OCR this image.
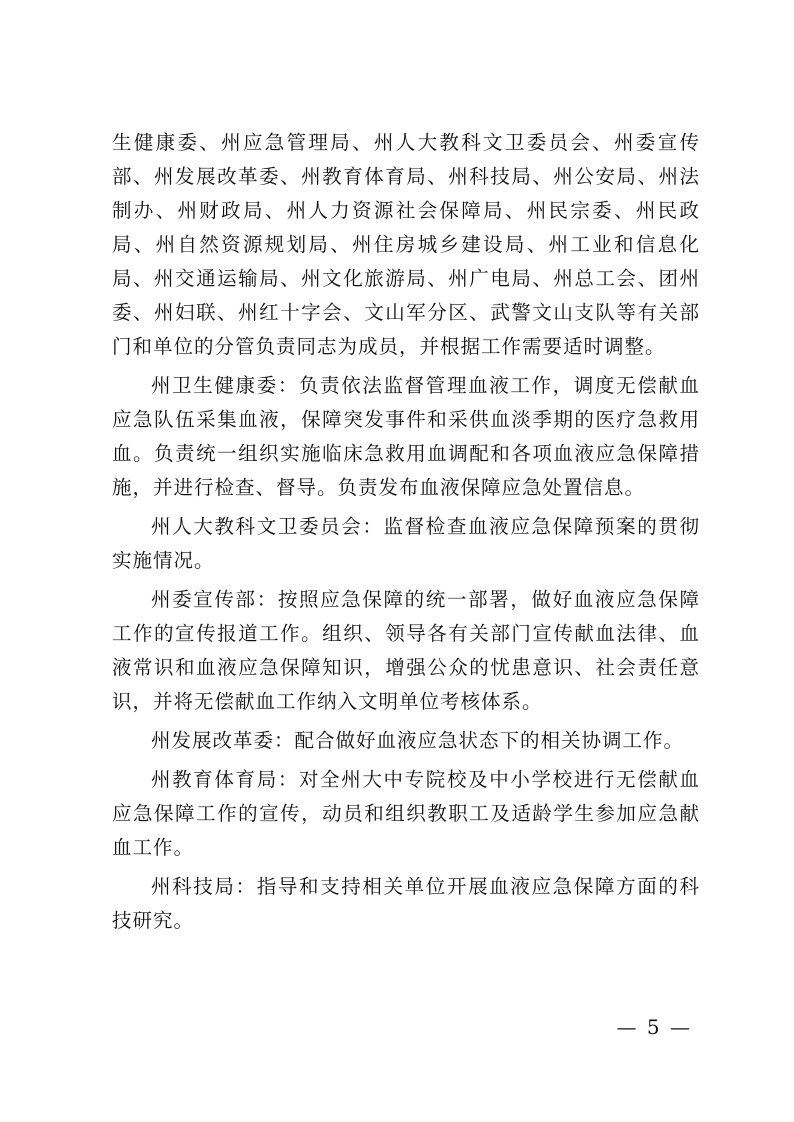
生健康委、州应急管理局、州人大教科文卫委员会、州委宣传部、州发展改革委、州教育体育局、州科技局、州公安局、州法制办、州财政局、州人力资源社会保障局、州民宗委、州民政局、州自然资源规划局、州住房城乡建设局、州工业和信息化局、州交通运输局、州文化旅游局、州广电局、州总工会、团州委、州妇联、州红十字会、文山军分区、武警文山支队等有关部门和单位的分管负责同志为成员，并根据工作需要适时调整。

州卫生健康委：负责依法监督管理血液工作，调度无偿献血应急队伍采集血液，保障突发事件和采供血淡季期的医疗急救用血。负责统一组织实施临床急救用血调配和各项血液应急保障措施，并进行检查、督导。负责发布血液保障应急处置信息。

州人大教科文卫委员会：监督检查血液应急保障预案的贯彻实施情况。

州委宣传部：按照应急保障的统一部署，做好血液应急保障工作的宣传报道工作。组织、领导各有关部门宣传献血法律、血液常识和血液应急保障知识，增强公众的忧患意识、社会责任意识，并将无偿献血工作纳入文明单位考核体系。

州发展改革委：配合做好血液应急状态下的相关协调工作。

州教育体育局：对全州大中专院校及中小学校进行无偿献血应急保障工作的宣传，动员和组织教职工及适龄学生参加应急献血工作。

州科技局：指导和支持相关单位开展血液应急保障方面的科技研究。

— 5 —
